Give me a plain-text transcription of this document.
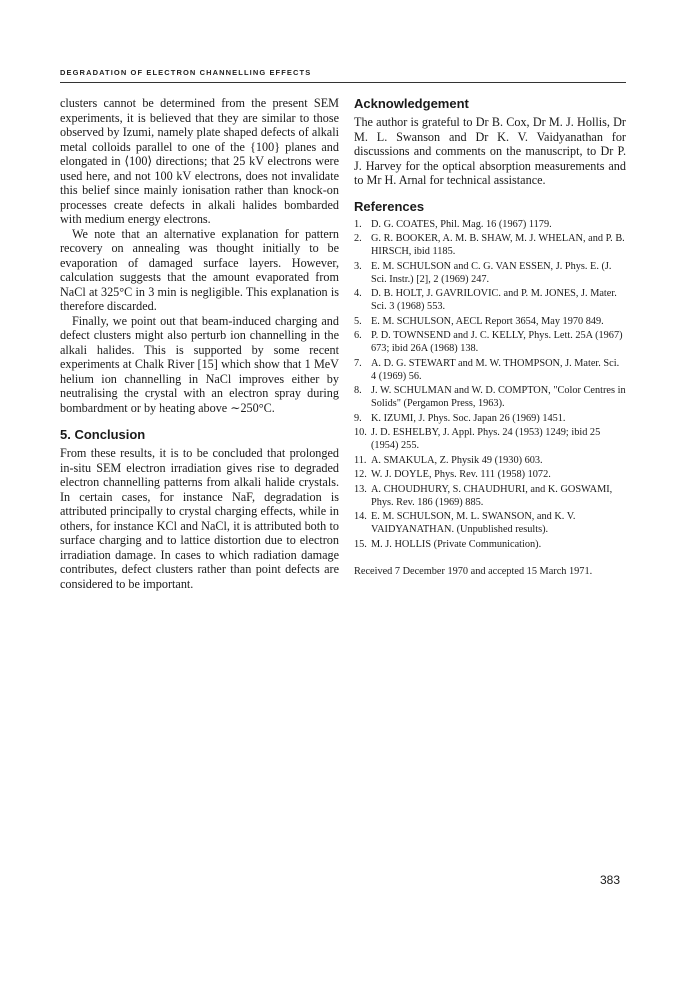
DEGRADATION OF ELECTRON CHANNELLING EFFECTS

clusters cannot be determined from the present SEM experiments, it is believed that they are similar to those observed by Izumi, namely plate shaped defects of alkali metal colloids parallel to one of the {100} planes and elongated in ⟨100⟩ directions; that 25 kV electrons were used here, and not 100 kV electrons, does not invalidate this belief since mainly ionisation rather than knock-on processes create defects in alkali halides bombarded with medium energy electrons.

We note that an alternative explanation for pattern recovery on annealing was thought initially to be evaporation of damaged surface layers. However, calculation suggests that the amount evaporated from NaCl at 325°C in 3 min is negligible. This explanation is therefore discarded.

Finally, we point out that beam-induced charging and defect clusters might also perturb ion channelling in the alkali halides. This is supported by some recent experiments at Chalk River [15] which show that 1 MeV helium ion channelling in NaCl improves either by neutralising the crystal with an electron spray during bombardment or by heating above ∼250°C.

5. Conclusion

From these results, it is to be concluded that prolonged in-situ SEM electron irradiation gives rise to degraded electron channelling patterns from alkali halide crystals. In certain cases, for instance NaF, degradation is attributed principally to crystal charging effects, while in others, for instance KCl and NaCl, it is attributed both to surface charging and to lattice distortion due to electron irradiation damage. In cases to which radiation damage contributes, defect clusters rather than point defects are considered to be important.

Acknowledgement

The author is grateful to Dr B. Cox, Dr M. J. Hollis, Dr M. L. Swanson and Dr K. V. Vaidyanathan for discussions and comments on the manuscript, to Dr P. J. Harvey for the optical absorption measurements and to Mr H. Arnal for technical assistance.

References
1. D. G. COATES, Phil. Mag. 16 (1967) 1179.
2. G. R. BOOKER, A. M. B. SHAW, M. J. WHELAN, and P. B. HIRSCH, ibid 1185.
3. E. M. SCHULSON and C. G. VAN ESSEN, J. Phys. E. (J. Sci. Instr.) [2], 2 (1969) 247.
4. D. B. HOLT, J. GAVRILOVIC. and P. M. JONES, J. Mater. Sci. 3 (1968) 553.
5. E. M. SCHULSON, AECL Report 3654, May 1970 849.
6. P. D. TOWNSEND and J. C. KELLY, Phys. Lett. 25A (1967) 673; ibid 26A (1968) 138.
7. A. D. G. STEWART and M. W. THOMPSON, J. Mater. Sci. 4 (1969) 56.
8. J. W. SCHULMAN and W. D. COMPTON, "Color Centres in Solids" (Pergamon Press, 1963).
9. K. IZUMI, J. Phys. Soc. Japan 26 (1969) 1451.
10. J. D. ESHELBY, J. Appl. Phys. 24 (1953) 1249; ibid 25 (1954) 255.
11. A. SMAKULA, Z. Physik 49 (1930) 603.
12. W. J. DOYLE, Phys. Rev. 111 (1958) 1072.
13. A. CHOUDHURY, S. CHAUDHURI, and K. GOSWAMI, Phys. Rev. 186 (1969) 885.
14. E. M. SCHULSON, M. L. SWANSON, and K. V. VAIDYANATHAN. (Unpublished results).
15. M. J. HOLLIS (Private Communication).
Received 7 December 1970 and accepted 15 March 1971.
383
